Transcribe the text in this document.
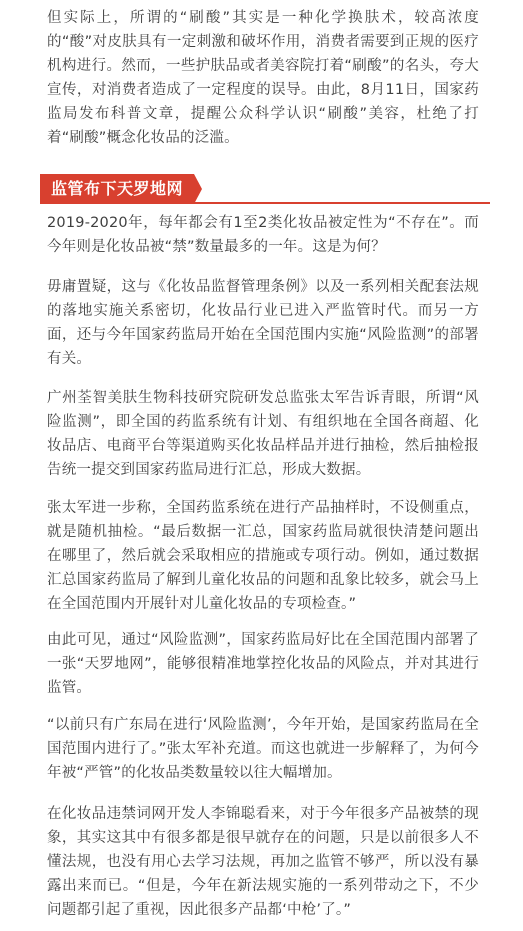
但实际上，所谓的“刷酸”其实是一种化学换肤术，较高浓度的“酸”对皮肤具有一定刺激和破坏作用，消费者需要到正规的医疗机构进行。然而，一些护肤品或者美容院打着“刷酸”的名头，夸大宣传，对消费者造成了一定程度的误导。由此，8月11日，国家药监局发布科普文章，提醒公众科学认识“刷酸”美容，杜绝了打着“刷酸”概念化妆品的泛滥。

监管布下天罗地网

2019-2020年，每年都会有1至2类化妆品被定性为“不存在”。而今年则是化妆品被“禁”数量最多的一年。这是为何？

毋庸置疑，这与《化妆品监督管理条例》以及一系列相关配套法规的落地实施关系密切，化妆品行业已进入严监管时代。而另一方面，还与今年国家药监局开始在全国范围内实施“风险监测”的部署有关。

广州荃智美肤生物科技研究院研发总监张太军告诉青眼，所谓“风险监测”，即全国的药监系统有计划、有组织地在全国各商超、化妆品店、电商平台等渠道购买化妆品样品并进行抽检，然后抽检报告统一提交到国家药监局进行汇总，形成大数据。

张太军进一步称，全国药监系统在进行产品抽样时，不设侧重点，就是随机抽检。“最后数据一汇总，国家药监局就很快清楚问题出在哪里了，然后就会采取相应的措施或专项行动。例如，通过数据汇总国家药监局了解到儿童化妆品的问题和乱象比较多，就会马上在全国范围内开展针对儿童化妆品的专项检查。”

由此可见，通过“风险监测”，国家药监局好比在全国范围内部署了一张“天罗地网”，能够很精准地掌控化妆品的风险点，并对其进行监管。

“以前只有广东局在进行‘风险监测’，今年开始，是国家药监局在全国范围内进行了。”张太军补充道。而这也就进一步解释了，为何今年被“严管”的化妆品类数量较以往大幅增加。

在化妆品违禁词网开发人李锦聪看来，对于今年很多产品被禁的现象，其实这其中有很多都是很早就存在的问题，只是以前很多人不懂法规，也没有用心去学习法规，再加之监管不够严，所以没有暴露出来而已。“但是，今年在新法规实施的一系列带动之下，不少问题都引起了重视，因此很多产品都‘中枪’了。”
